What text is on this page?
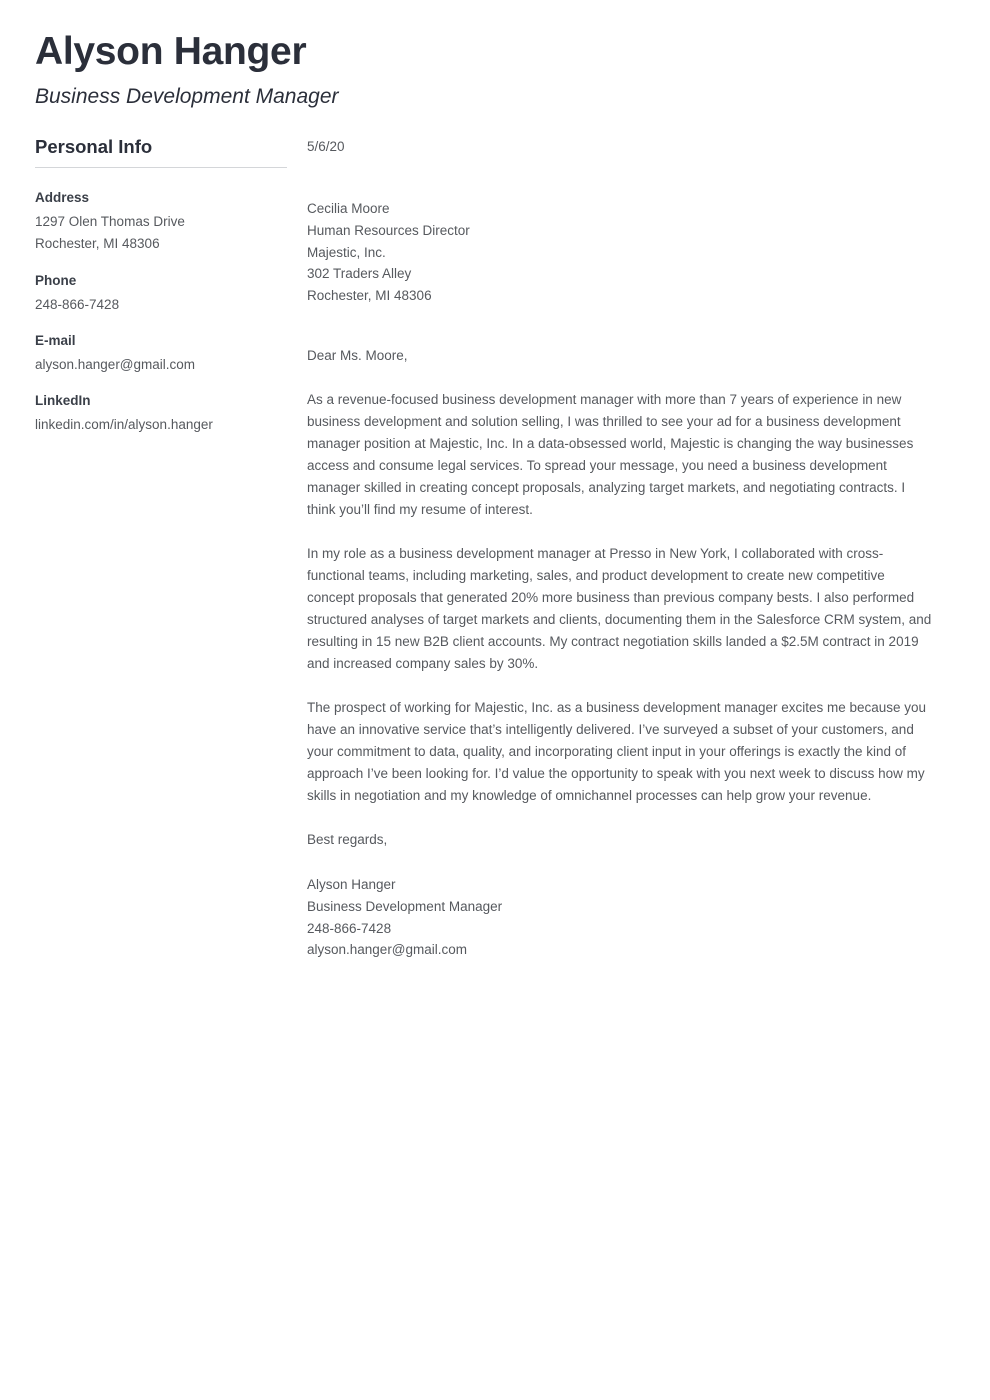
Alyson Hanger
Business Development Manager
Personal Info

Address

1297 Olen Thomas Drive

Rochester, MI 48306

Phone

248-866-7428

E-mail

alyson.hanger@gmail.com

LinkedIn

linkedin.com/in/alyson.hanger

5/6/20

Cecilia Moore

Human Resources Director

Majestic, Inc.

302 Traders Alley

Rochester, MI 48306

Dear Ms. Moore,

As a revenue-focused business development manager with more than 7 years of experience in new business development and solution selling, I was thrilled to see your ad for a business development manager position at Majestic, Inc. In a data-obsessed world, Majestic is changing the way businesses access and consume legal services. To spread your message, you need a business development manager skilled in creating concept proposals, analyzing target markets, and negotiating contracts. I think you’ll find my resume of interest.

In my role as a business development manager at Presso in New York, I collaborated with cross-functional teams, including marketing, sales, and product development to create new competitive concept proposals that generated 20% more business than previous company bests. I also performed structured analyses of target markets and clients, documenting them in the Salesforce CRM system, and resulting in 15 new B2B client accounts. My contract negotiation skills landed a $2.5M contract in 2019 and increased company sales by 30%.

The prospect of working for Majestic, Inc. as a business development manager excites me because you have an innovative service that’s intelligently delivered. I’ve surveyed a subset of your customers, and your commitment to data, quality, and incorporating client input in your offerings is exactly the kind of approach I’ve been looking for. I’d value the opportunity to speak with you next week to discuss how my skills in negotiation and my knowledge of omnichannel processes can help grow your revenue.

Best regards,

Alyson Hanger

Business Development Manager

248-866-7428

alyson.hanger@gmail.com
